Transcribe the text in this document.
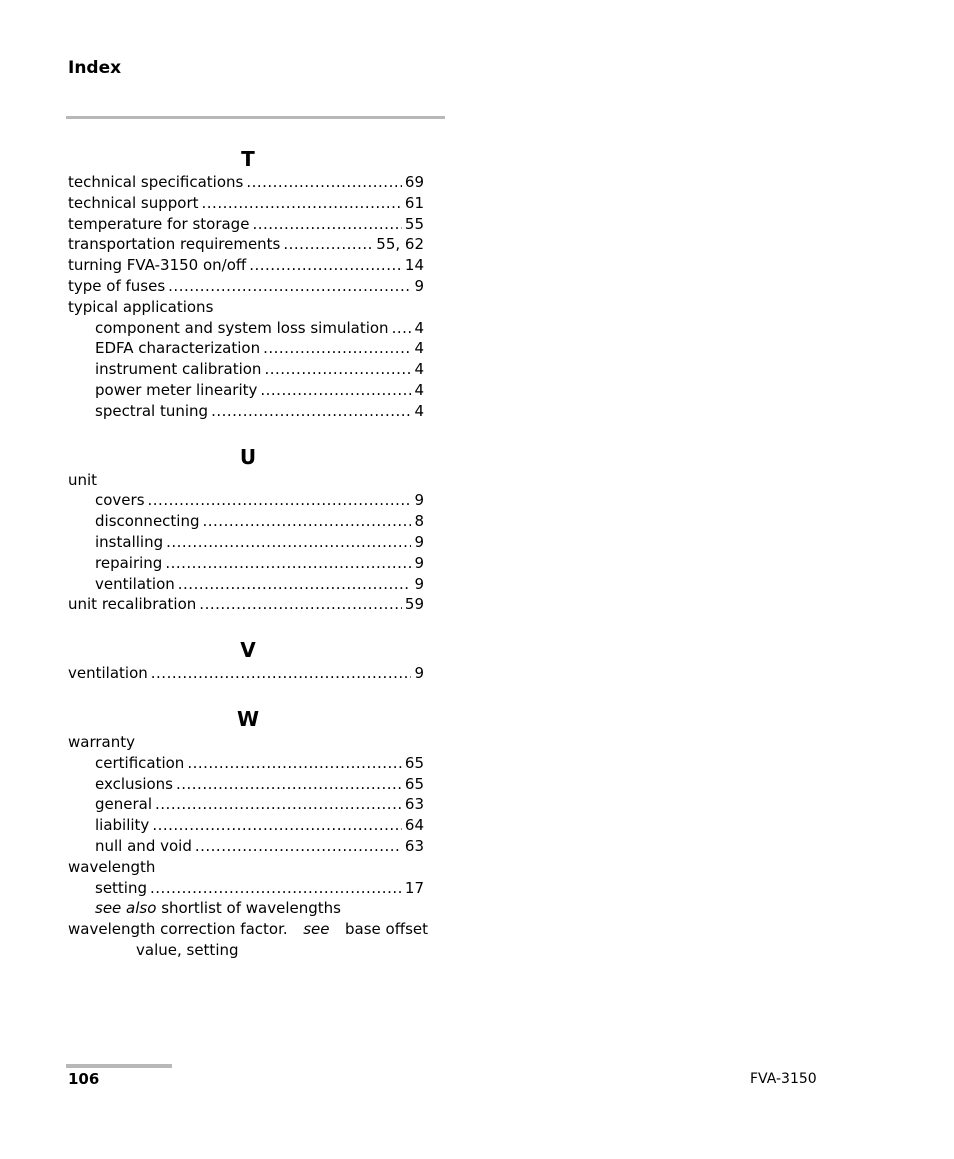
Index
T
technical specifications .....	69
technical support .....	61
temperature for storage .....	55
transportation requirements .....	55, 62
turning FVA-3150 on/off .....	14
type of fuses .....	9
typical applications
component and system loss simulation ..... 4
EDFA characterization .....	4
instrument calibration .....	4
power meter linearity .....	4
spectral tuning .....	4
U
unit
covers .....	9
disconnecting .....	8
installing .....	9
repairing .....	9
ventilation .....	9
unit recalibration .....	59
V
ventilation .....	9
W
warranty
certification .....	65
exclusions .....	65
general .....	63
liability .....	64
null and void .....	63
wavelength
setting .....	17
see also shortlist of wavelengths
wavelength correction factor. see base offset
value, setting
106	FVA-3150
